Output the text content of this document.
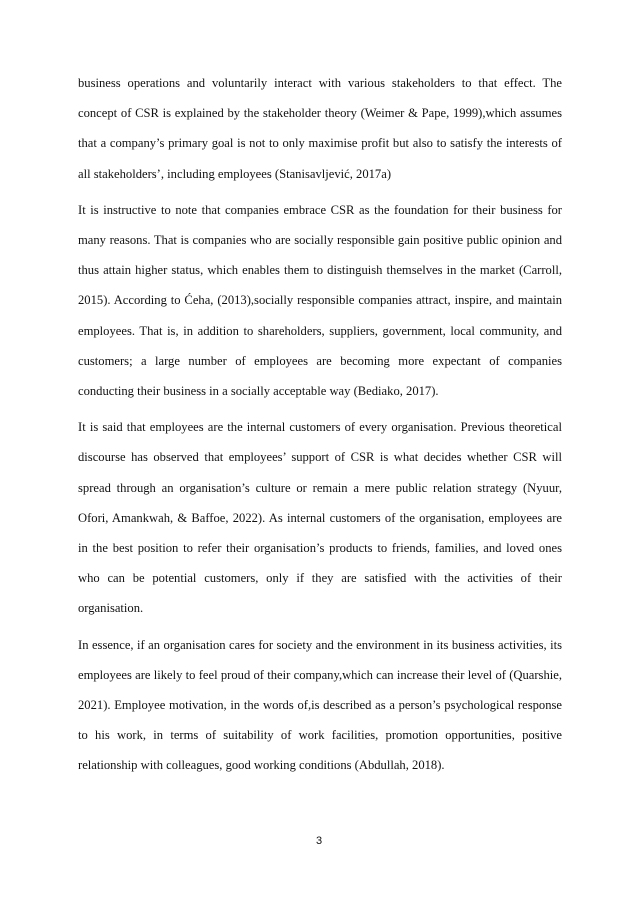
business operations and voluntarily interact with various stakeholders to that effect. The concept of CSR is explained by the stakeholder theory (Weimer & Pape, 1999),which assumes that a company’s primary goal is not to only maximise profit but also to satisfy the interests of all stakeholders’, including employees (Stanisavljević, 2017a)

It is instructive to note that companies embrace CSR as the foundation for their business for many reasons. That is companies who are socially responsible gain positive public opinion and thus attain higher status, which enables them to distinguish themselves in the market (Carroll, 2015). According to Ćeha, (2013),socially responsible companies attract, inspire, and maintain employees. That is, in addition to shareholders, suppliers, government, local community, and customers; a large number of employees are becoming more expectant of companies conducting their business in a socially acceptable way (Bediako, 2017).

It is said that employees are the internal customers of every organisation. Previous theoretical discourse has observed that employees’ support of CSR is what decides whether CSR will spread through an organisation’s culture or remain a mere public relation strategy (Nyuur, Ofori, Amankwah, & Baffoe, 2022). As internal customers of the organisation, employees are in the best position to refer their organisation’s products to friends, families, and loved ones who can be potential customers, only if they are satisfied with the activities of their organisation.

In essence, if an organisation cares for society and the environment in its business activities, its employees are likely to feel proud of their company,which can increase their level of (Quarshie, 2021). Employee motivation, in the words of,is described as a person’s psychological response to his work, in terms of suitability of work facilities, promotion opportunities, positive relationship with colleagues, good working conditions (Abdullah, 2018).

3
